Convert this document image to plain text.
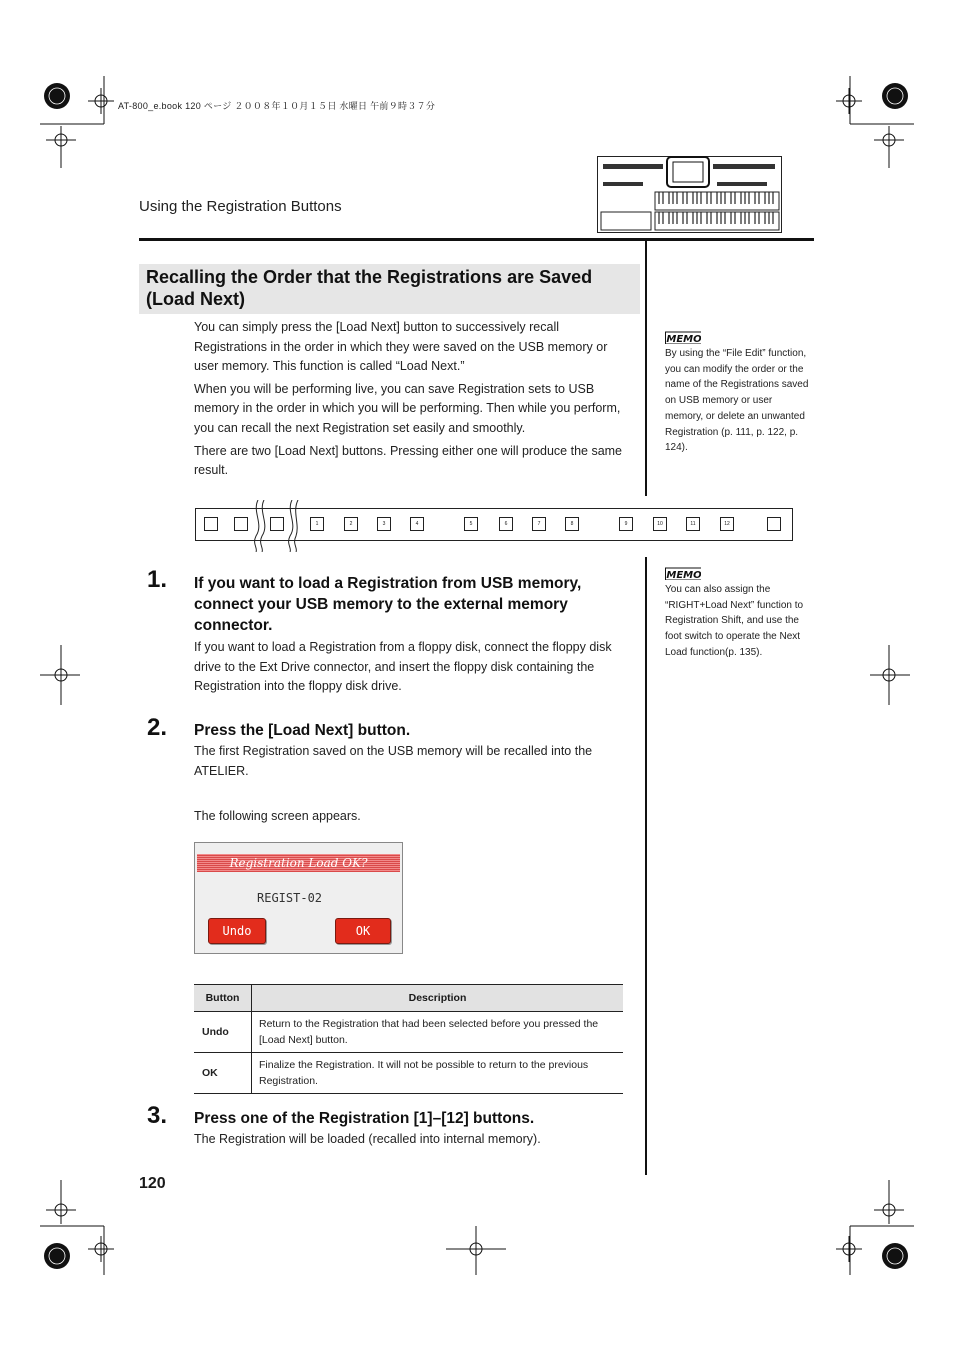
AT-800_e.book 120 ページ ２００８年１０月１５日 水曜日 午前９時３７分
Using the Registration Buttons
Recalling the Order that the Registrations are Saved
(Load Next)

You can simply press the [Load Next] button to successively recall Registrations in the order in which they were saved on the USB memory or user memory. This function is called “Load Next.”

When you will be performing live, you can save Registration sets to USB memory in the order in which you will be performing. Then while you perform, you can recall the next Registration set easily and smoothly.

There are two [Load Next] buttons. Pressing either one will produce the same result.

MEMO
By using the “File Edit” function, you can modify the order or the name of the Registrations saved on USB memory or user memory, or delete an unwanted Registration (p. 111, p. 122, p. 124).
1	2	3	4	5	6	7	8	9	10	11	12
MEMO
You can also assign the “RIGHT+Load Next” function to Registration Shift, and use the foot switch to operate the Next Load function(p. 135).
1. If you want to load a Registration from USB memory, connect your USB memory to the external memory connector.
If you want to load a Registration from a floppy disk, connect the floppy disk drive to the Ext Drive connector, and insert the floppy disk containing the Registration into the floppy disk drive.
2. Press the [Load Next] button.
The first Registration saved on the USB memory will be recalled into the ATELIER.
The following screen appears.
Registration Load OK?
REGIST-02
Undo	OK
Button	Description
Undo	Return to the Registration that had been selected before you pressed the [Load Next] button.
OK	Finalize the Registration. It will not be possible to return to the previous Registration.
3. Press one of the Registration [1]–[12] buttons.
The Registration will be loaded (recalled into internal memory).
120
